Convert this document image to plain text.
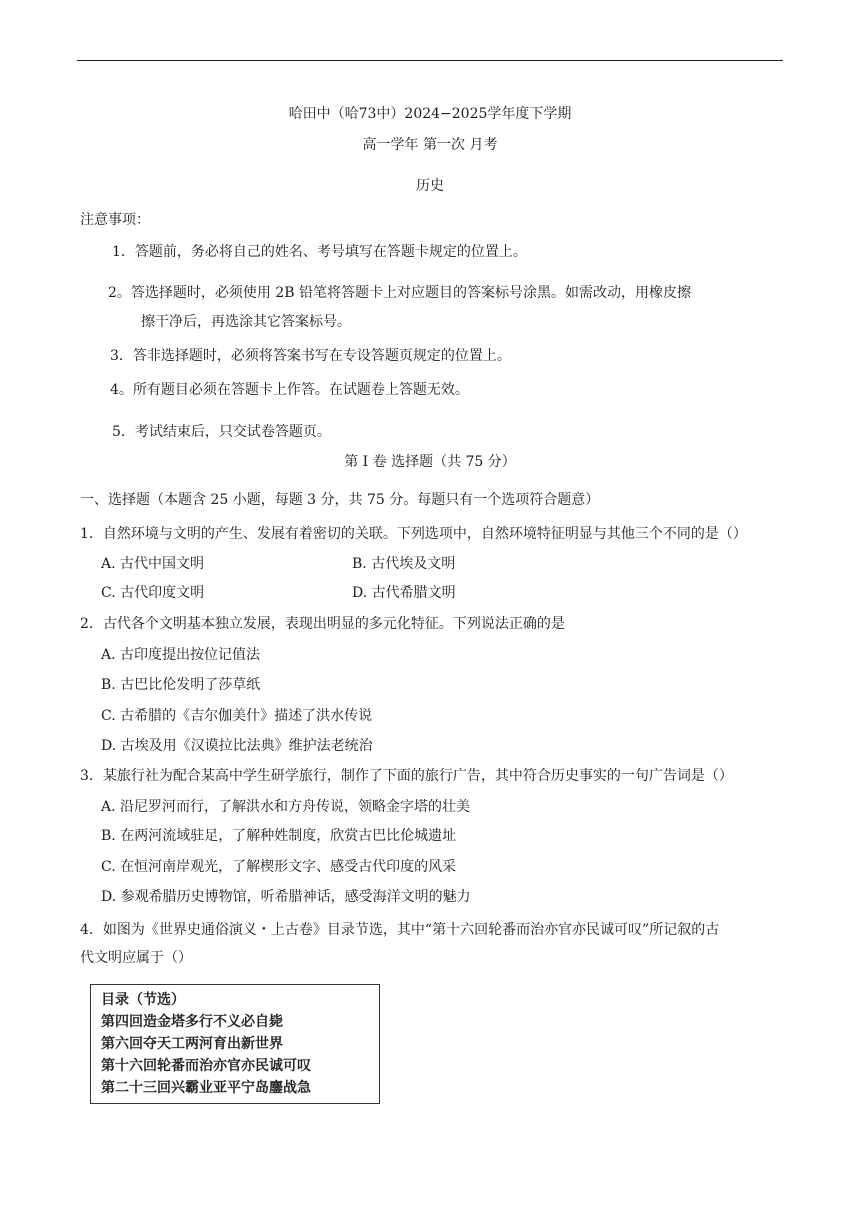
哈田中（哈73中）2024−2025学年度下学期
高一学年 第一次 月考
历史
注意事项：
1．答题前，务必将自己的姓名、考号填写在答题卡规定的位置上。
2。答选择题时，必须使用 2B 铅笔将答题卡上对应题目的答案标号涂黑。如需改动，用橡皮擦
擦干净后，再选涂其它答案标号。
3．答非选择题时，必须将答案书写在专设答题页规定的位置上。
4。所有题目必须在答题卡上作答。在试题卷上答题无效。
5．考试结束后，只交试卷答题页。
第 I 卷 选择题（共 75 分）
一、选择题（本题含 25 小题，每题 3 分，共 75 分。每题只有一个选项符合题意）
1．自然环境与文明的产生、发展有着密切的关联。下列选项中，自然环境特征明显与其他三个不同的是（）
A. 古代中国文明	B. 古代埃及文明
C. 古代印度文明	D. 古代希腊文明
2．古代各个文明基本独立发展，表现出明显的多元化特征。下列说法正确的是
A. 古印度提出按位记值法
B. 古巴比伦发明了莎草纸
C. 古希腊的《吉尔伽美什》描述了洪水传说
D. 古埃及用《汉谟拉比法典》维护法老统治
3．某旅行社为配合某高中学生研学旅行，制作了下面的旅行广告，其中符合历史事实的一句广告词是（）
A. 沿尼罗河而行，了解洪水和方舟传说，领略金字塔的壮美
B. 在两河流域驻足，了解种姓制度，欣赏古巴比伦城遗址
C. 在恒河南岸观光，了解楔形文字、感受古代印度的风采
D. 参观希腊历史博物馆，听希腊神话，感受海洋文明的魅力
4．如图为《世界史通俗演义・上古卷》目录节选，其中“第十六回轮番而治亦官亦民诚可叹”所记叙的古
代文明应属于（）
目录（节选）
第四回造金塔多行不义必自毙
第六回夺天工两河育出新世界
第十六回轮番而治亦官亦民诚可叹
第二十三回兴霸业亚平宁岛鏖战急
